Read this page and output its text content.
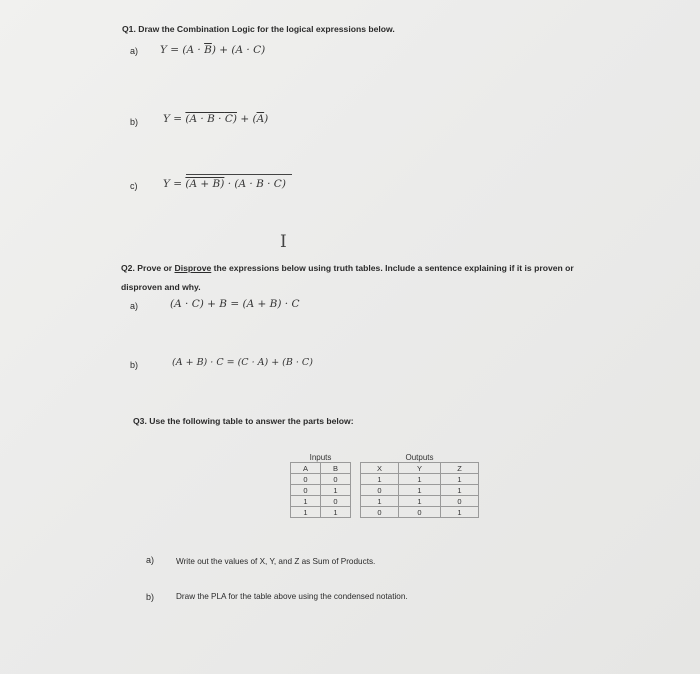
Q1. Draw the Combination Logic for the logical expressions below.
a) $Y = (A \cdot \overline{B}) + (A \cdot C)$
b) $Y = (A \cdot B \cdot C) + (\overline{A})$
c) Y = (A + B) · (A · B · C)
I
Q2. Prove or Disprove the expressions below using truth tables. Include a sentence explaining if it is proven or
disproven and why.
a)	(A · C) + B = (A + B) · C
b)	(A + B) · C = (C · A) + (B · C)
Q3. Use the following table to answer the parts below:
Inputs				Outputs	
A	B		X	Y	Z
0	0		1	1	1
0	1		0	1	1
1	0		1	1	0
1	1		0	0	1
a)	Write out the values of X, Y, and Z as Sum of Products.
b)	Draw the PLA for the table above using the condensed notation.
